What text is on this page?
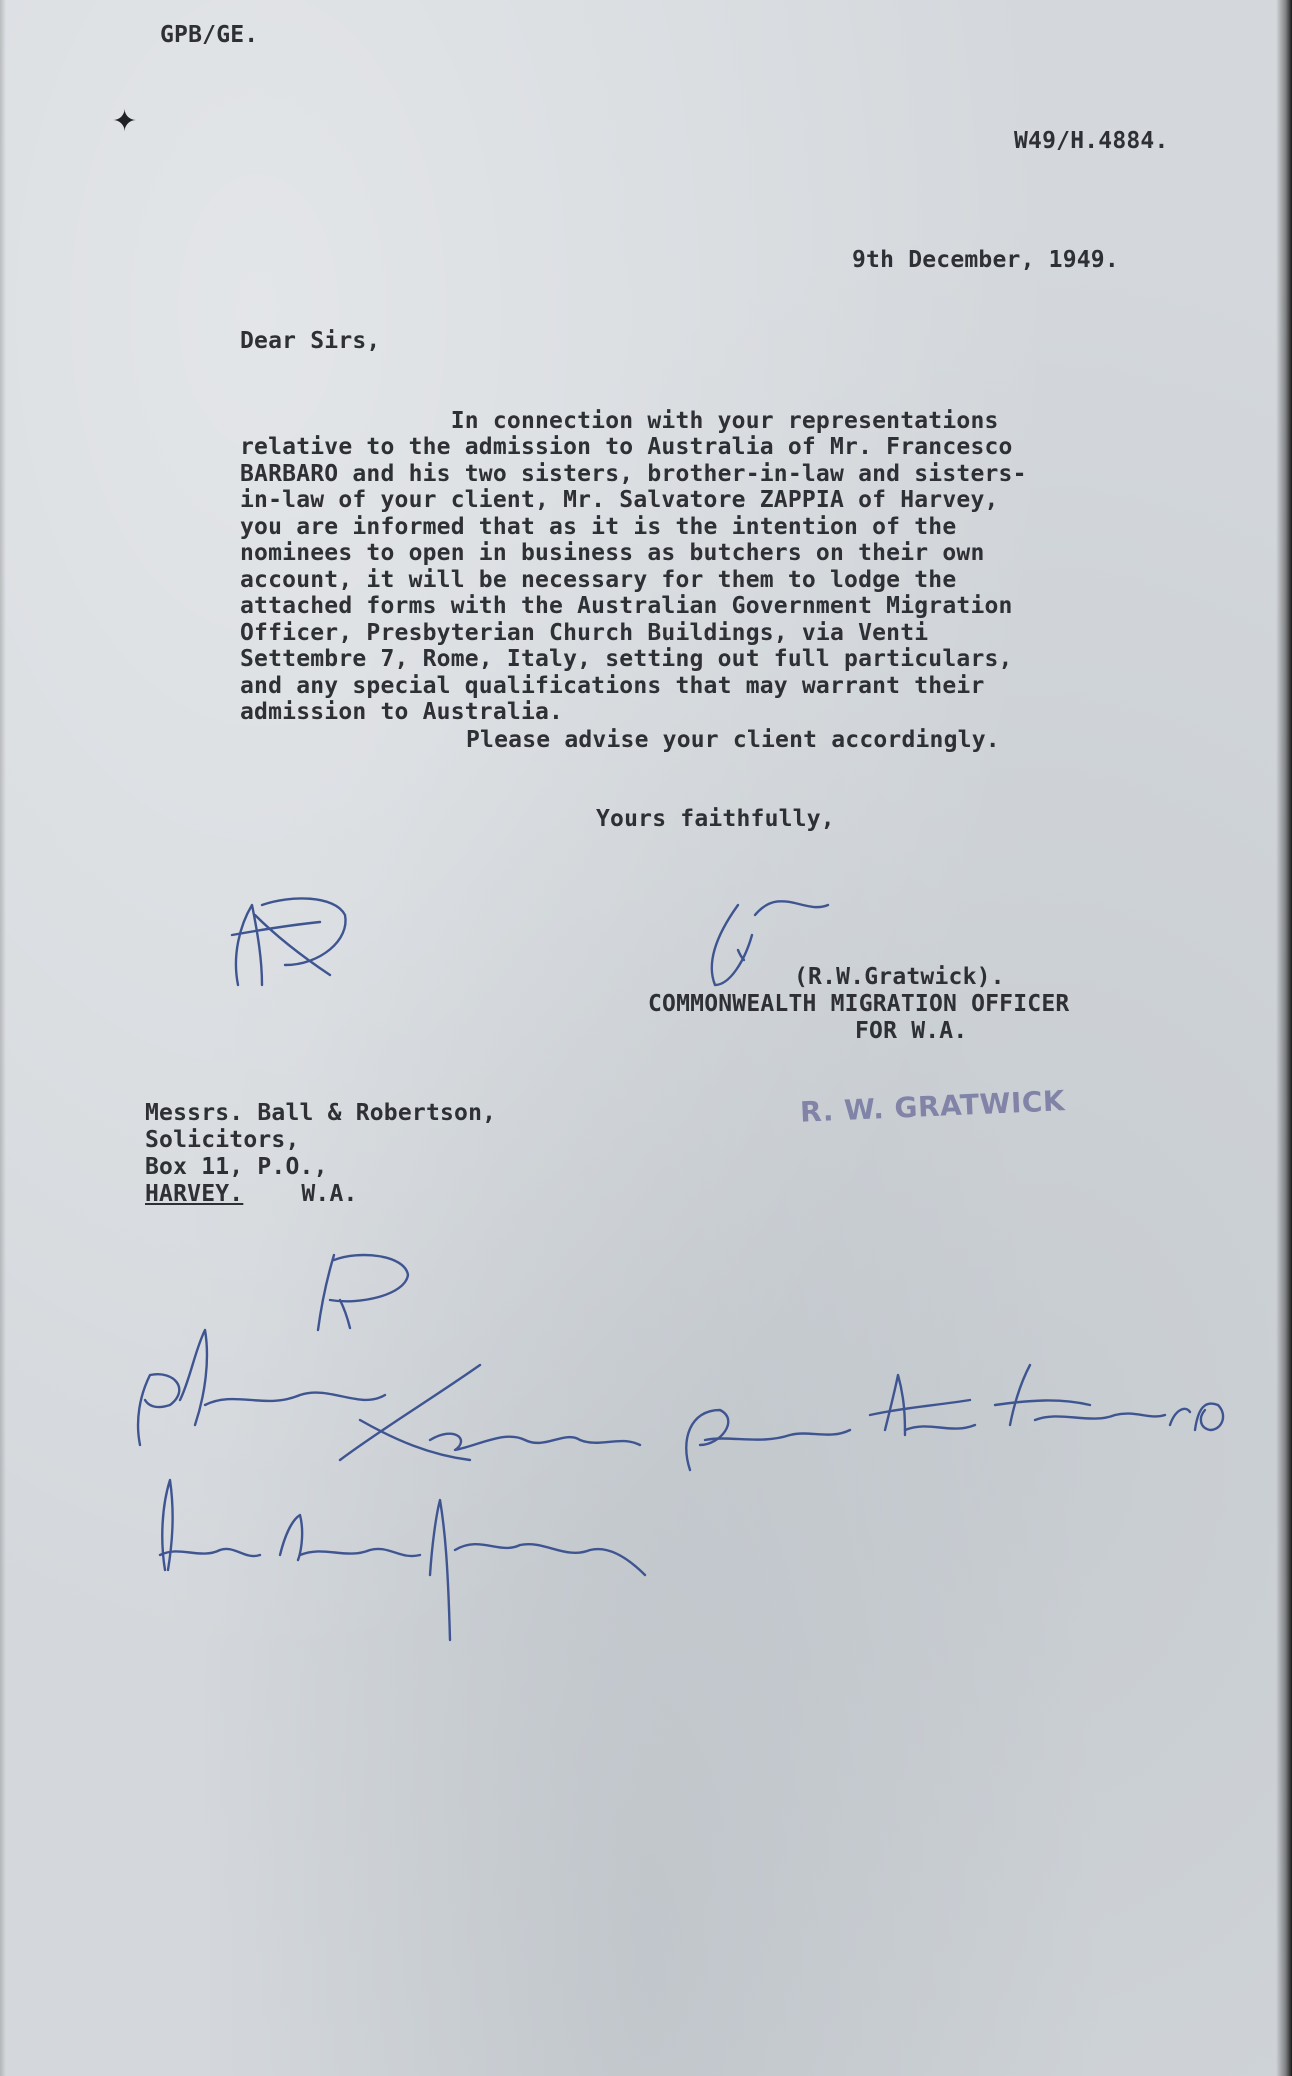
GPB/GE.
✦
W49/H.4884.
9th December, 1949.
Dear Sirs,

In connection with your representations
relative to the admission to Australia of Mr. Francesco
BARBARO and his two sisters, brother-in-law and sisters-
in-law of your client, Mr. Salvatore ZAPPIA of Harvey,
you are informed that as it is the intention of the
nominees to open in business as butchers on their own
account, it will be necessary for them to lodge the
attached forms with the Australian Government Migration
Officer, Presbyterian Church Buildings, via Venti
Settembre 7, Rome, Italy, setting out full particulars,
and any special qualifications that may warrant their
admission to Australia.

Please advise your client accordingly.
Yours faithfully,
(R.W.Gratwick).
COMMONWEALTH MIGRATION OFFICER
FOR W.A.
R. W. GRATWICK
Messrs. Ball & Robertson,
Solicitors,
Box 11, P.O.,
HARVEY.	W.A.
